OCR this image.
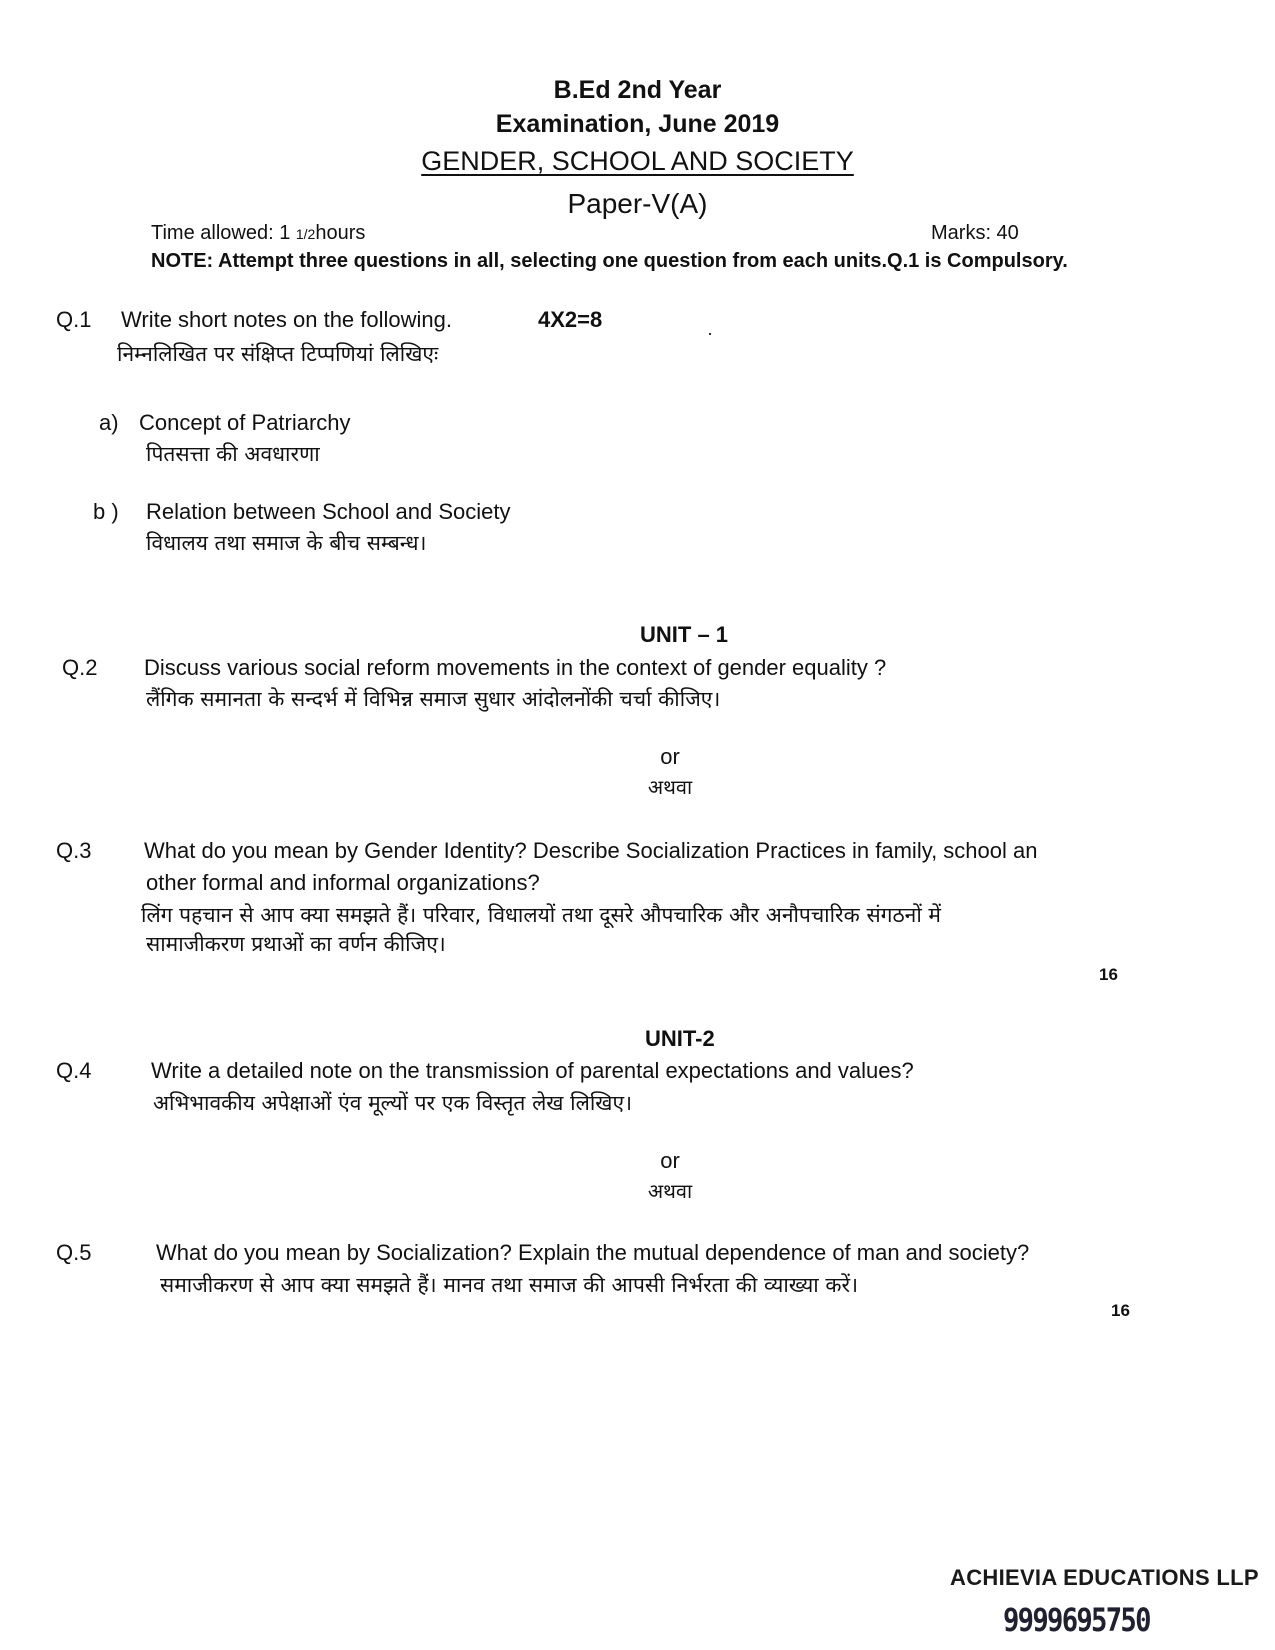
B.Ed 2nd Year
Examination, June 2019
GENDER, SCHOOL AND SOCIETY
Paper-V(A)
Time allowed: 1 1/2hours	Marks: 40
NOTE: Attempt three questions in all, selecting one question from each units.Q.1 is Compulsory.
Q.1 Write short notes on the following.	4X2=8
निम्नलिखित पर संक्षिप्त टिप्पणियां लिखिएः
a) Concept of Patriarchy
पितसत्ता की अवधारणा
b ) Relation between School and Society
विधालय तथा समाज के बीच सम्बन्ध।
UNIT – 1
Q.2 Discuss various social reform movements in the context of gender equality ?
लैंगिक समानता के सन्दर्भ में विभिन्न समाज सुधार आंदोलनोंकी चर्चा कीजिए।
or
अथवा
Q.3 What do you mean by Gender Identity? Describe Socialization Practices in family, school an
other formal and informal organizations?
लिंग पहचान से आप क्या समझते हैं। परिवार, विधालयों तथा दूसरे औपचारिक और अनौपचारिक संगठनों में
सामाजीकरण प्रथाओं का वर्णन कीजिए।
16
UNIT-2
Q.4	Write a detailed note on the transmission of parental expectations and values?
अभिभावकीय अपेक्षाओं एंव मूल्यों पर एक विस्तृत लेख लिखिए।
or
अथवा
Q.5	What do you mean by Socialization? Explain the mutual dependence of man and society?
समाजीकरण से आप क्या समझते हैं। मानव तथा समाज की आपसी निर्भरता की व्याख्या करें।
16
ACHIEVIA EDUCATIONS LLP
9999695750
